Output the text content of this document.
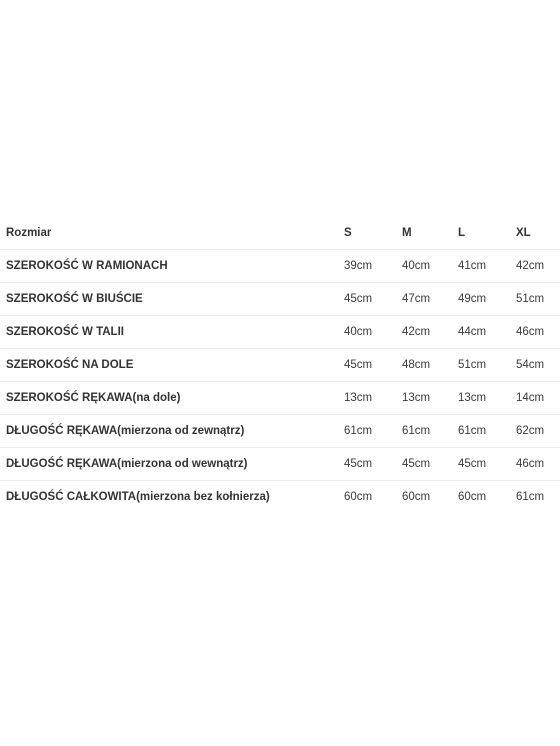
Rozmiar	S	M	L	XL
SZEROKOŚĆ W RAMIONACH	39cm	40cm	41cm	42cm
SZEROKOŚĆ W BIUŚCIE	45cm	47cm	49cm	51cm
SZEROKOŚĆ W TALII	40cm	42cm	44cm	46cm
SZEROKOŚĆ NA DOLE	45cm	48cm	51cm	54cm
SZEROKOŚĆ RĘKAWA(na dole)	13cm	13cm	13cm	14cm
DŁUGOŚĆ RĘKAWA(mierzona od zewnątrz)	61cm	61cm	61cm	62cm
DŁUGOŚĆ RĘKAWA(mierzona od wewnątrz)	45cm	45cm	45cm	46cm
DŁUGOŚĆ CAŁKOWITA(mierzona bez kołnierza)	60cm	60cm	60cm	61cm
